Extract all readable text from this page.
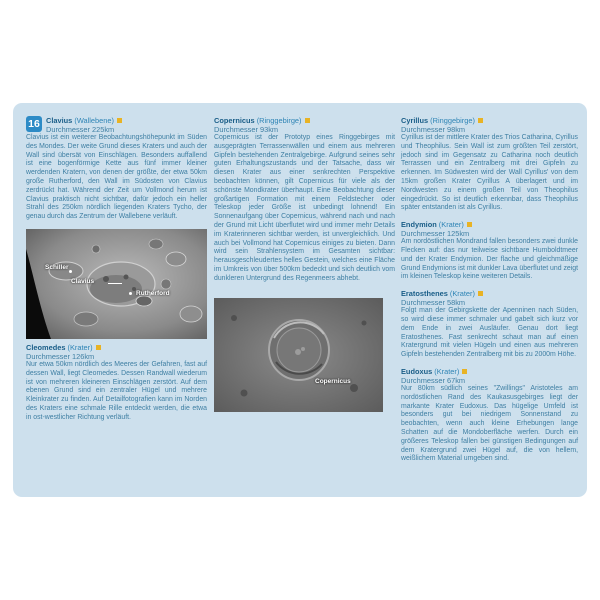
16 Clavius (Wallebene)
Durchmesser 225km
Clavius ist ein weiterer Beobachtungshöhepunkt im Süden des Mondes. Der weite Grund dieses Kraters und auch der Wall sind übersät von Einschlägen. Besonders auffallend ist eine bogenförmige Kette aus fünf immer kleiner werdenden Kratern, von denen der größte, der etwa 50km große Rutherford, den Wall im Südosten von Clavius zerdrückt hat. Während der Zeit um Vollmond herum ist Clavius praktisch nicht sichtbar, dafür jedoch ein heller Strahl des 250km nördlich liegenden Kraters Tycho, der genau durch das Zentrum der Wallebene verläuft.
Schiller
Clavius
Rutherford
Cleomedes (Krater)
Durchmesser 126km
Nur etwa 50km nördlich des Meeres der Gefahren, fast auf dessen Wall, liegt Cleomedes. Dessen Randwall wiederum ist von mehreren kleineren Einschlägen zerstört. Auf dem ebenen Grund sind ein zentraler Hügel und mehrere Kleinkrater zu finden. Auf Detailfotografien kann im Norden des Kraters eine schmale Rille entdeckt werden, die etwa in ost-westlicher Richtung verläuft.
Copernicus (Ringgebirge)
Durchmesser 93km
Copernicus ist der Prototyp eines Ringgebirges mit ausgeprägten Terrassenwällen und einem aus mehreren Gipfeln bestehenden Zentralgebirge. Aufgrund seines sehr guten Erhaltungszustands und der Tatsache, dass wir diesen Krater aus einer senkrechten Perspektive beobachten können, gilt Copernicus für viele als der schönste Mondkrater überhaupt. Eine Beobachtung dieser großartigen Formation mit einem Feldstecher oder Teleskop jeder Größe ist unbedingt lohnend! Ein Sonnenaufgang über Copernicus, während nach und nach der Grund mit Licht überflutet wird und immer mehr Details im Kraterinneren sichtbar werden, ist unvergleichlich. Und auch bei Vollmond hat Copernicus einiges zu bieten. Dann wird sein Strahlensystem im Gesamten sichtbar: herausgeschleudertes helles Gestein, welches eine Fläche im Umkreis von über 500km bedeckt und sich deutlich vom dunkleren Untergrund des Regenmeers abhebt.
Copernicus
Cyrillus (Ringgebirge)
Durchmesser 98km
Cyrillus ist der mittlere Krater des Trios Catharina, Cyrillus und Theophilus. Sein Wall ist zum größten Teil zerstört, jedoch sind im Gegensatz zu Catharina noch deutlich Terrassen und ein Zentralberg mit drei Gipfeln zu erkennen. Im Südwesten wird der Wall Cyrillus' von dem 15km großen Krater Cyrillus A überlagert und im Nordwesten zu einem großen Teil von Theophilus eingedrückt. So ist deutlich erkennbar, dass Theophilus später entstanden ist als Cyrillus.
Endymion (Krater)
Durchmesser 125km
Am nordöstlichen Mondrand fallen besonders zwei dunkle Flecken auf: das nur teilweise sichtbare Humboldtmeer und der Krater Endymion. Der flache und gleichmäßige Grund Endymions ist mit dunkler Lava überflutet und zeigt im kleinen Teleskop keine weiteren Details.
Eratosthenes (Krater)
Durchmesser 58km
Folgt man der Gebirgskette der Apenninen nach Süden, so wird diese immer schmaler und gabelt sich kurz vor dem Ende in zwei Ausläufer. Genau dort liegt Eratosthenes. Fast senkrecht schaut man auf einen Kratergrund mit vielen Hügeln und einen aus mehreren Gipfeln bestehenden Zentralberg mit bis zu 2000m Höhe.
Eudoxus (Krater)
Durchmesser 67km
Nur 80km südlich seines "Zwillings" Aristoteles am nordöstlichen Rand des Kaukasusgebirges liegt der markante Krater Eudoxus. Das hügelige Umfeld ist besonders gut bei niedrigem Sonnenstand zu beobachten, wenn auch kleine Erhebungen lange Schatten auf die Mondoberfläche werfen. Durch ein größeres Teleskop fallen bei günstigen Bedingungen auf dem Kratergrund zwei Hügel auf, die von hellem, weißlichem Material umgeben sind.
